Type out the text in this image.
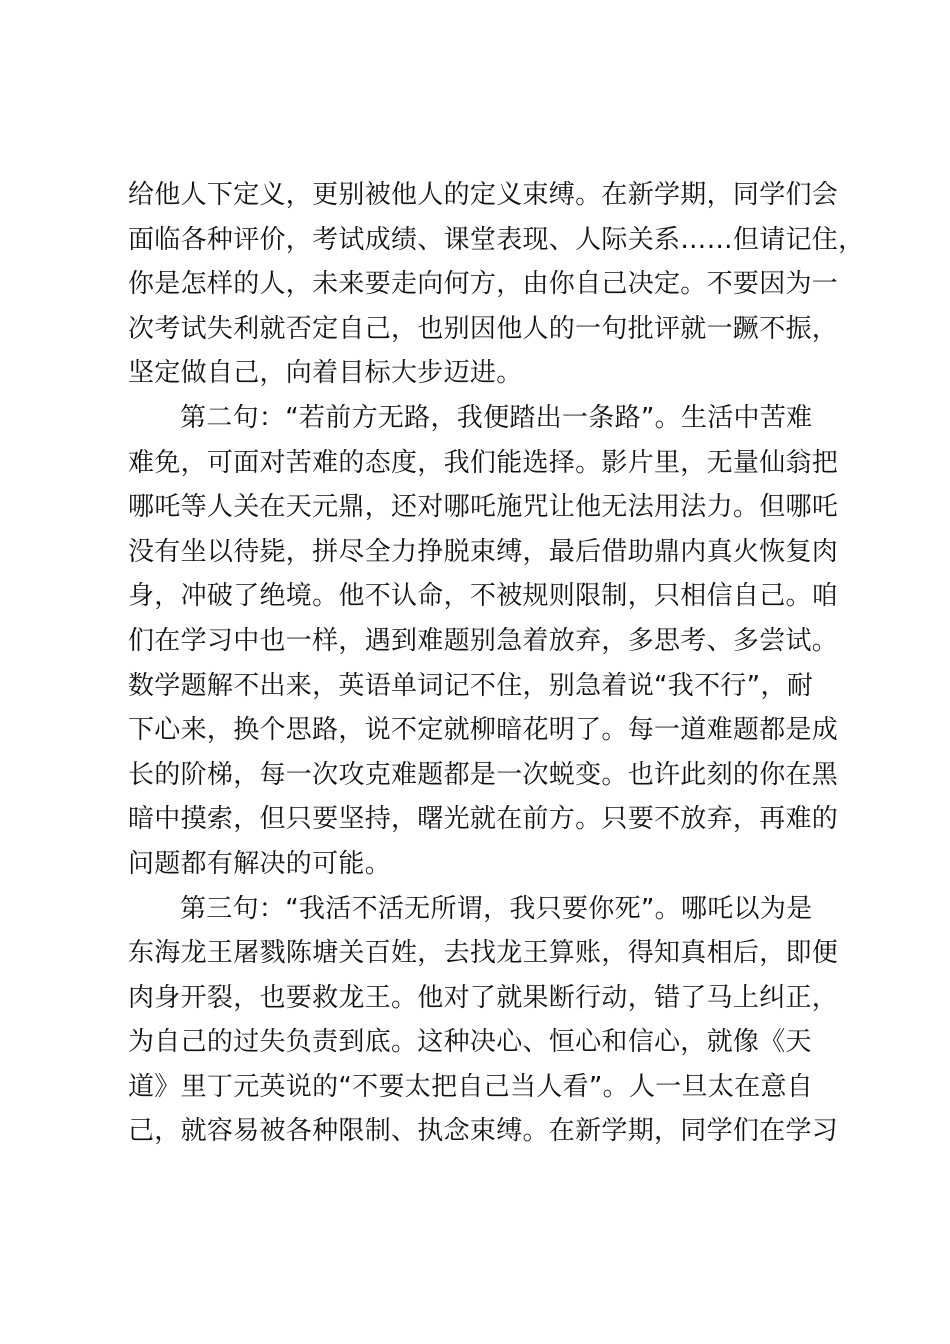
给他人下定义，更别被他人的定义束缚。在新学期，同学们会
面临各种评价，考试成绩、课堂表现、人际关系……但请记住，
你是怎样的人，未来要走向何方，由你自己决定。不要因为一
次考试失利就否定自己，也别因他人的一句批评就一蹶不振，
坚定做自己，向着目标大步迈进。
第二句：“若前方无路，我便踏出一条路”。生活中苦难
难免，可面对苦难的态度，我们能选择。影片里，无量仙翁把
哪吒等人关在天元鼎，还对哪吒施咒让他无法用法力。但哪吒
没有坐以待毙，拼尽全力挣脱束缚，最后借助鼎内真火恢复肉
身，冲破了绝境。他不认命，不被规则限制，只相信自己。咱
们在学习中也一样，遇到难题别急着放弃，多思考、多尝试。
数学题解不出来，英语单词记不住，别急着说“我不行”，耐
下心来，换个思路，说不定就柳暗花明了。每一道难题都是成
长的阶梯，每一次攻克难题都是一次蜕变。也许此刻的你在黑
暗中摸索，但只要坚持，曙光就在前方。只要不放弃，再难的
问题都有解决的可能。
第三句：“我活不活无所谓，我只要你死”。哪吒以为是
东海龙王屠戮陈塘关百姓，去找龙王算账，得知真相后，即便
肉身开裂，也要救龙王。他对了就果断行动，错了马上纠正，
为自己的过失负责到底。这种决心、恒心和信心，就像《天
道》里丁元英说的“不要太把自己当人看”。人一旦太在意自
己，就容易被各种限制、执念束缚。在新学期，同学们在学习
